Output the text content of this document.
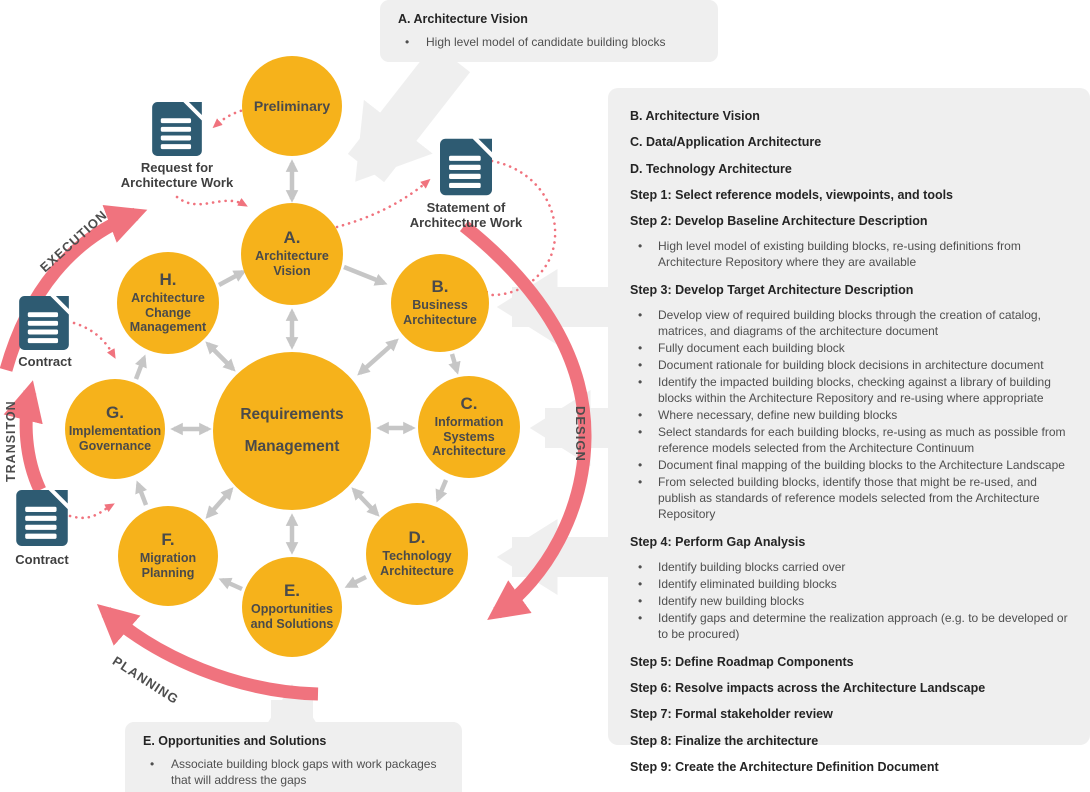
Preliminary
A.
Architecture Vision
B.
Business Architecture
C.
Information Systems Architecture
D.
Technology Architecture
E.
Opportunities and Solutions
F.
Migration Planning
G.
Implementation Governance
H.
Architecture Change Management
Requirements Management
Request for Architecture Work
Statement of Architecture Work
Contract
Contract
EXECUTION
TRANSITON
PLANNING
DESIGN
A. Architecture Vision
• High level model of candidate building blocks
E. Opportunities and Solutions
• Associate building block gaps with work packages that will address the gaps
B. Architecture Vision
C. Data/Application Architecture
D. Technology Architecture
Step 1: Select reference models, viewpoints, and tools
Step 2: Develop Baseline Architecture Description
• High level model of existing building blocks, re-using definitions from Architecture Repository where they are available
Step 3: Develop Target Architecture Description
• Develop view of required building blocks through the creation of catalog, matrices, and diagrams of the architecture document
• Fully document each building block
• Document rationale for building block decisions in architecture document
• Identify the impacted building blocks, checking against a library of building blocks within the Architecture Repository and re-using where appropriate
• Where necessary, define new building blocks
• Select standards for each building blocks, re-using as much as possible from reference models selected from the Architecture Continuum
• Document final mapping of the building blocks to the Architecture Landscape
• From selected building blocks, identify those that might be re-used, and publish as standards of reference models selected from the Architecture Repository
Step 4: Perform Gap Analysis
• Identify building blocks carried over
• Identify eliminated building blocks
• Identify new building blocks
• Identify gaps and determine the realization approach (e.g. to be developed or to be procured)
Step 5: Define Roadmap Components
Step 6: Resolve impacts across the Architecture Landscape
Step 7: Formal stakeholder review
Step 8: Finalize the architecture
Step 9: Create the Architecture Definition Document
